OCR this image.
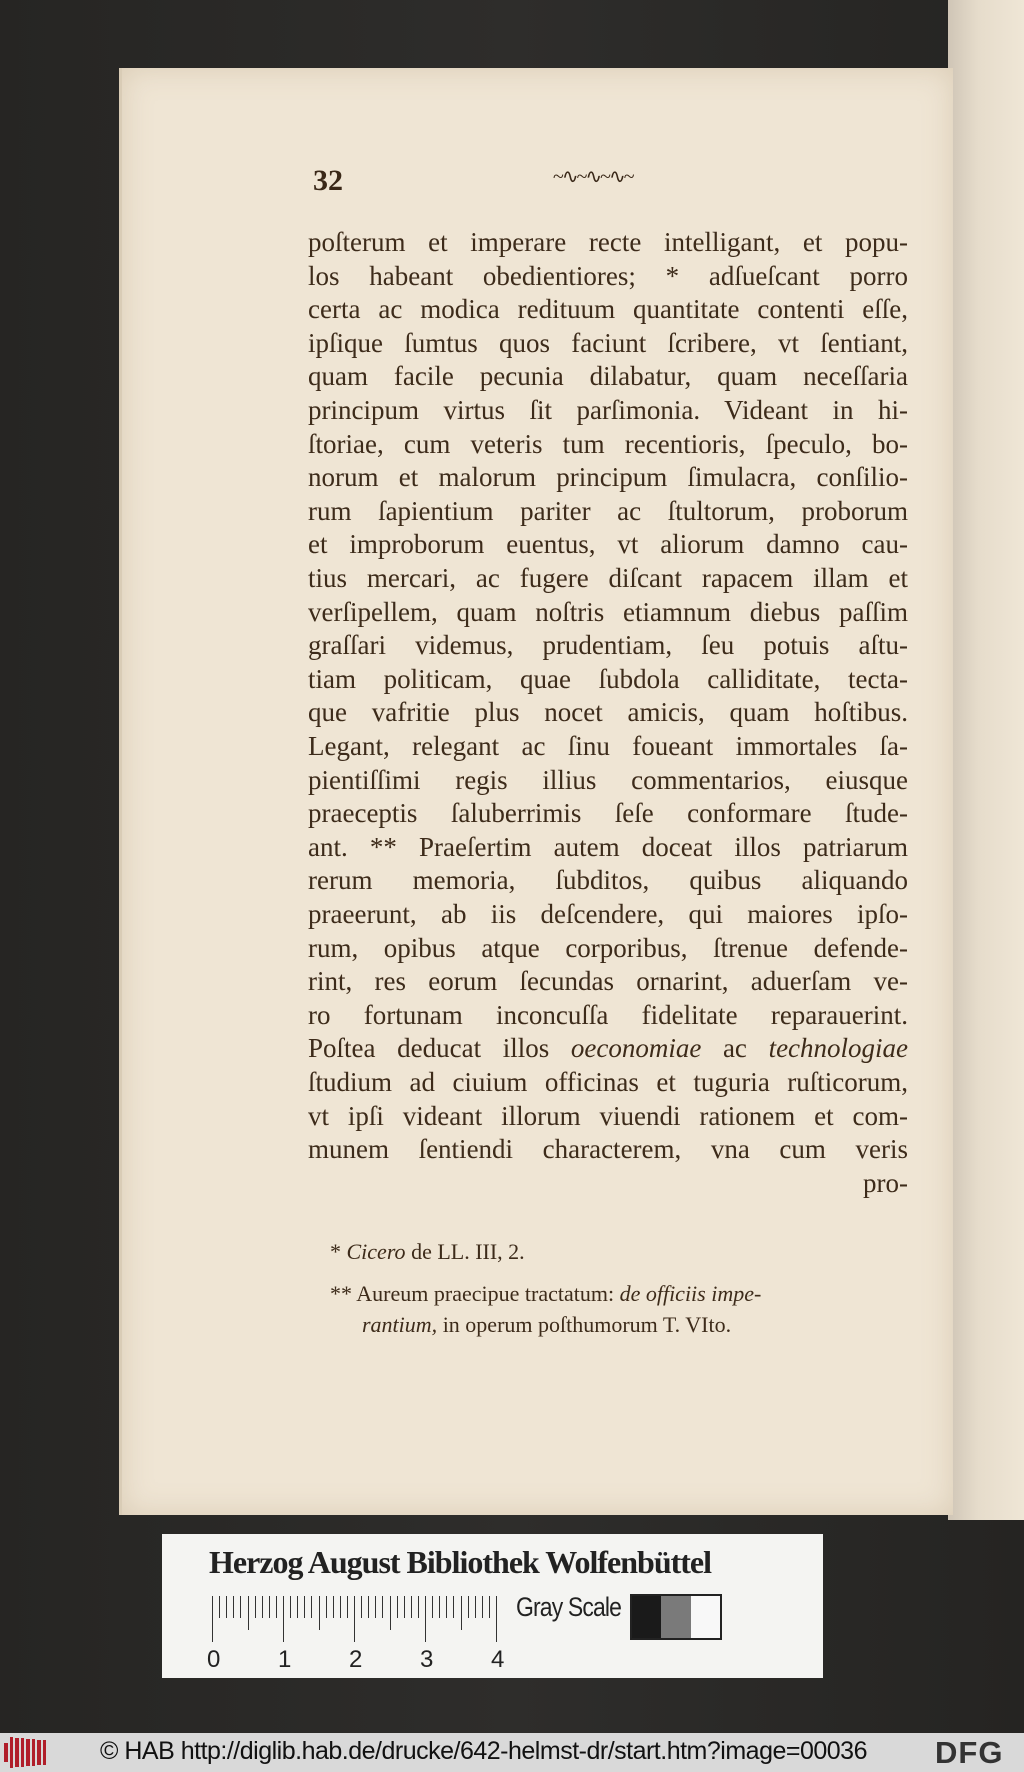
32	~∿~∿~∿~
poſterum et imperare recte intelligant, et popu-
los habeant obedientiores; * adſueſcant porro
certa ac modica redituum quantitate contenti eſſe,
ipſique ſumtus quos faciunt ſcribere, vt ſentiant,
quam facile pecunia dilabatur, quam neceſſaria
principum virtus ſit parſimonia. Videant in hi-
ſtoriae, cum veteris tum recentioris, ſpeculo, bo-
norum et malorum principum ſimulacra, conſilio-
rum ſapientium pariter ac ſtultorum, proborum
et improborum euentus, vt aliorum damno cau-
tius mercari, ac fugere diſcant rapacem illam et
verſipellem, quam noſtris etiamnum diebus paſſim
graſſari videmus, prudentiam, ſeu potuis aſtu-
tiam politicam, quae ſubdola calliditate, tecta-
que vafritie plus nocet amicis, quam hoſtibus.
Legant, relegant ac ſinu foueant immortales ſa-
pientiſſimi regis illius commentarios, eiusque
praeceptis ſaluberrimis ſeſe conformare ſtude-
ant. ** Praeſertim autem doceat illos patriarum
rerum memoria, ſubditos, quibus aliquando
praeerunt, ab iis deſcendere, qui maiores ipſo-
rum, opibus atque corporibus, ſtrenue defende-
rint, res eorum ſecundas ornarint, aduerſam ve-
ro fortunam inconcuſſa fidelitate reparauerint.
Poſtea deducat illos oeconomiae ac technologiae
ſtudium ad ciuium officinas et tuguria ruſticorum,
vt ipſi videant illorum viuendi rationem et com-
munem ſentiendi characterem, vna cum veris
pro-
* Cicero de LL. III, 2.
** Aureum praecipue tractatum: de officiis impe-
rantium, in operum poſthumorum T. VIto.
Herzog August Bibliothek Wolfenbüttel
0 1 2 3 4
Gray Scale
© HAB http://diglib.hab.de/drucke/642-helmst-dr/start.htm?image=00036 DFG
